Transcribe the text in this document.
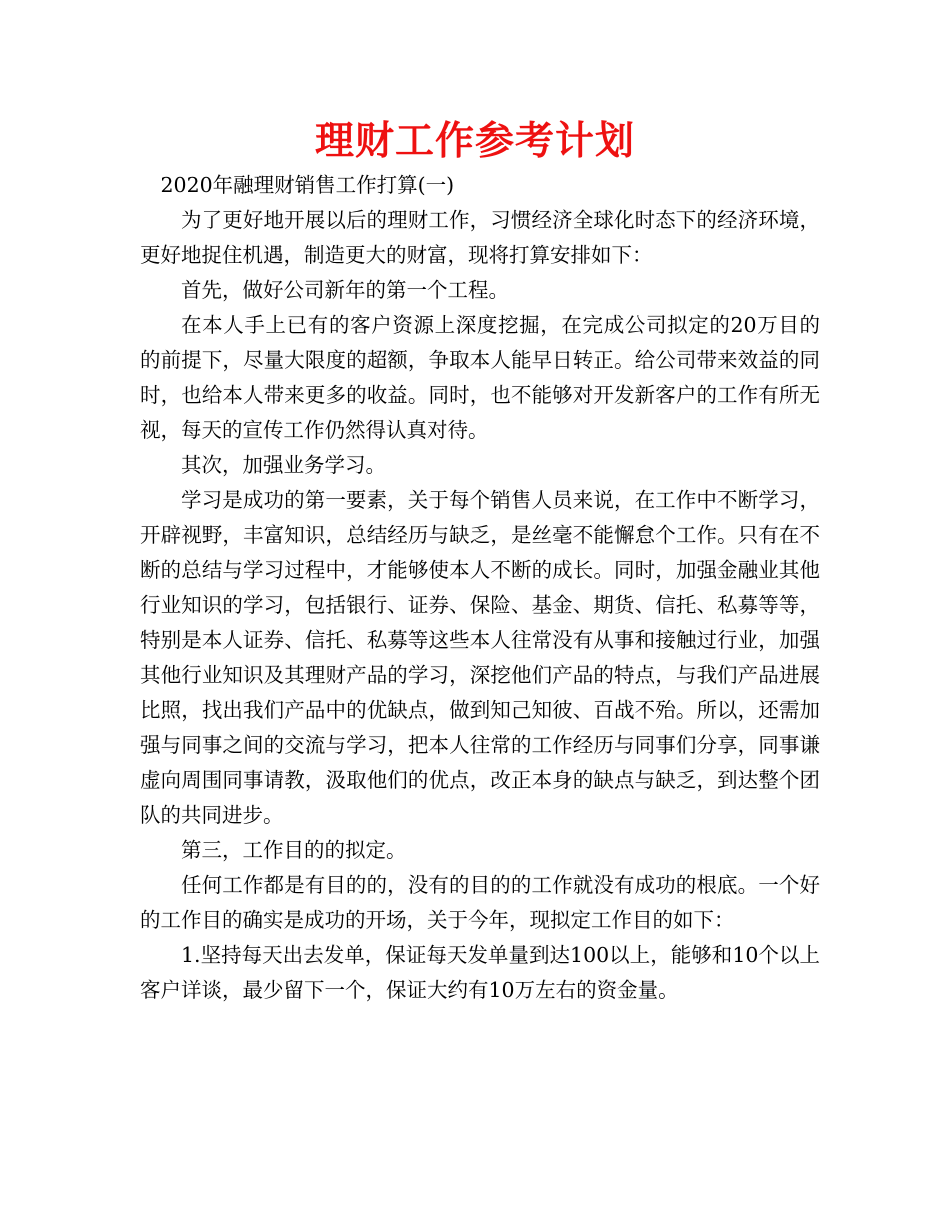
理财工作参考计划

2020年融理财销售工作打算(一)

为了更好地开展以后的理财工作，习惯经济全球化时态下的经济环境，更好地捉住机遇，制造更大的财富，现将打算安排如下：

首先，做好公司新年的第一个工程。

在本人手上已有的客户资源上深度挖掘，在完成公司拟定的20万目的的前提下，尽量大限度的超额，争取本人能早日转正。给公司带来效益的同时，也给本人带来更多的收益。同时，也不能够对开发新客户的工作有所无视，每天的宣传工作仍然得认真对待。

其次，加强业务学习。

学习是成功的第一要素，关于每个销售人员来说，在工作中不断学习，开辟视野，丰富知识，总结经历与缺乏，是丝毫不能懈怠个工作。只有在不断的总结与学习过程中，才能够使本人不断的成长。同时，加强金融业其他行业知识的学习，包括银行、证券、保险、基金、期货、信托、私募等等，特别是本人证券、信托、私募等这些本人往常没有从事和接触过行业，加强其他行业知识及其理财产品的学习，深挖他们产品的特点，与我们产品进展比照，找出我们产品中的优缺点，做到知己知彼、百战不殆。所以，还需加强与同事之间的交流与学习，把本人往常的工作经历与同事们分享，同事谦虚向周围同事请教，汲取他们的优点，改正本身的缺点与缺乏，到达整个团队的共同进步。

第三，工作目的的拟定。

任何工作都是有目的的，没有的目的的工作就没有成功的根底。一个好的工作目的确实是成功的开场，关于今年，现拟定工作目的如下：

1.坚持每天出去发单，保证每天发单量到达100以上，能够和10个以上客户详谈，最少留下一个，保证大约有10万左右的资金量。
